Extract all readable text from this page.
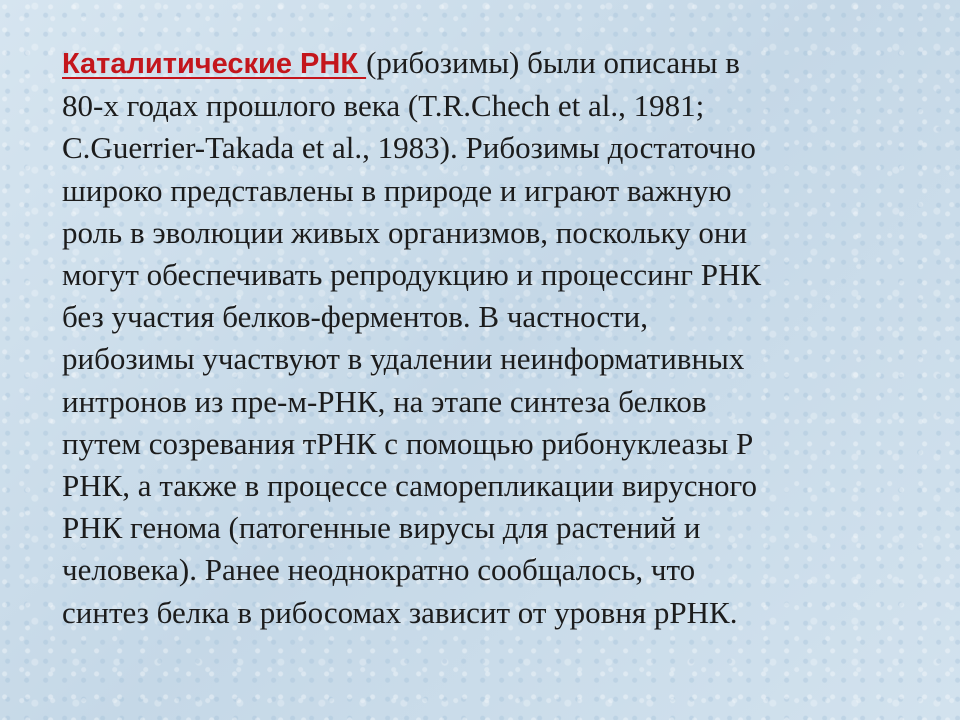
Каталитические РНК (рибозимы) были описаны в
80-х годах прошлого века (T.R.Chech et al., 1981;
C.Guerrier-Takada et al., 1983). Рибозимы достаточно
широко представлены в природе и играют важную
роль в эволюции живых организмов, поскольку они
могут обеспечивать репродукцию и процессинг РНК
без участия белков-ферментов. В частности,
рибозимы участвуют в удалении неинформативных
интронов из пре-м-РНК, на этапе синтеза белков
путем созревания тРНК с помощью рибонуклеазы Р
РНК, а также в процессе саморепликации вирусного
РНК генома (патогенные вирусы для растений и
человека). Ранее неоднократно сообщалось, что
синтез белка в рибосомах зависит от уровня рРНК.
